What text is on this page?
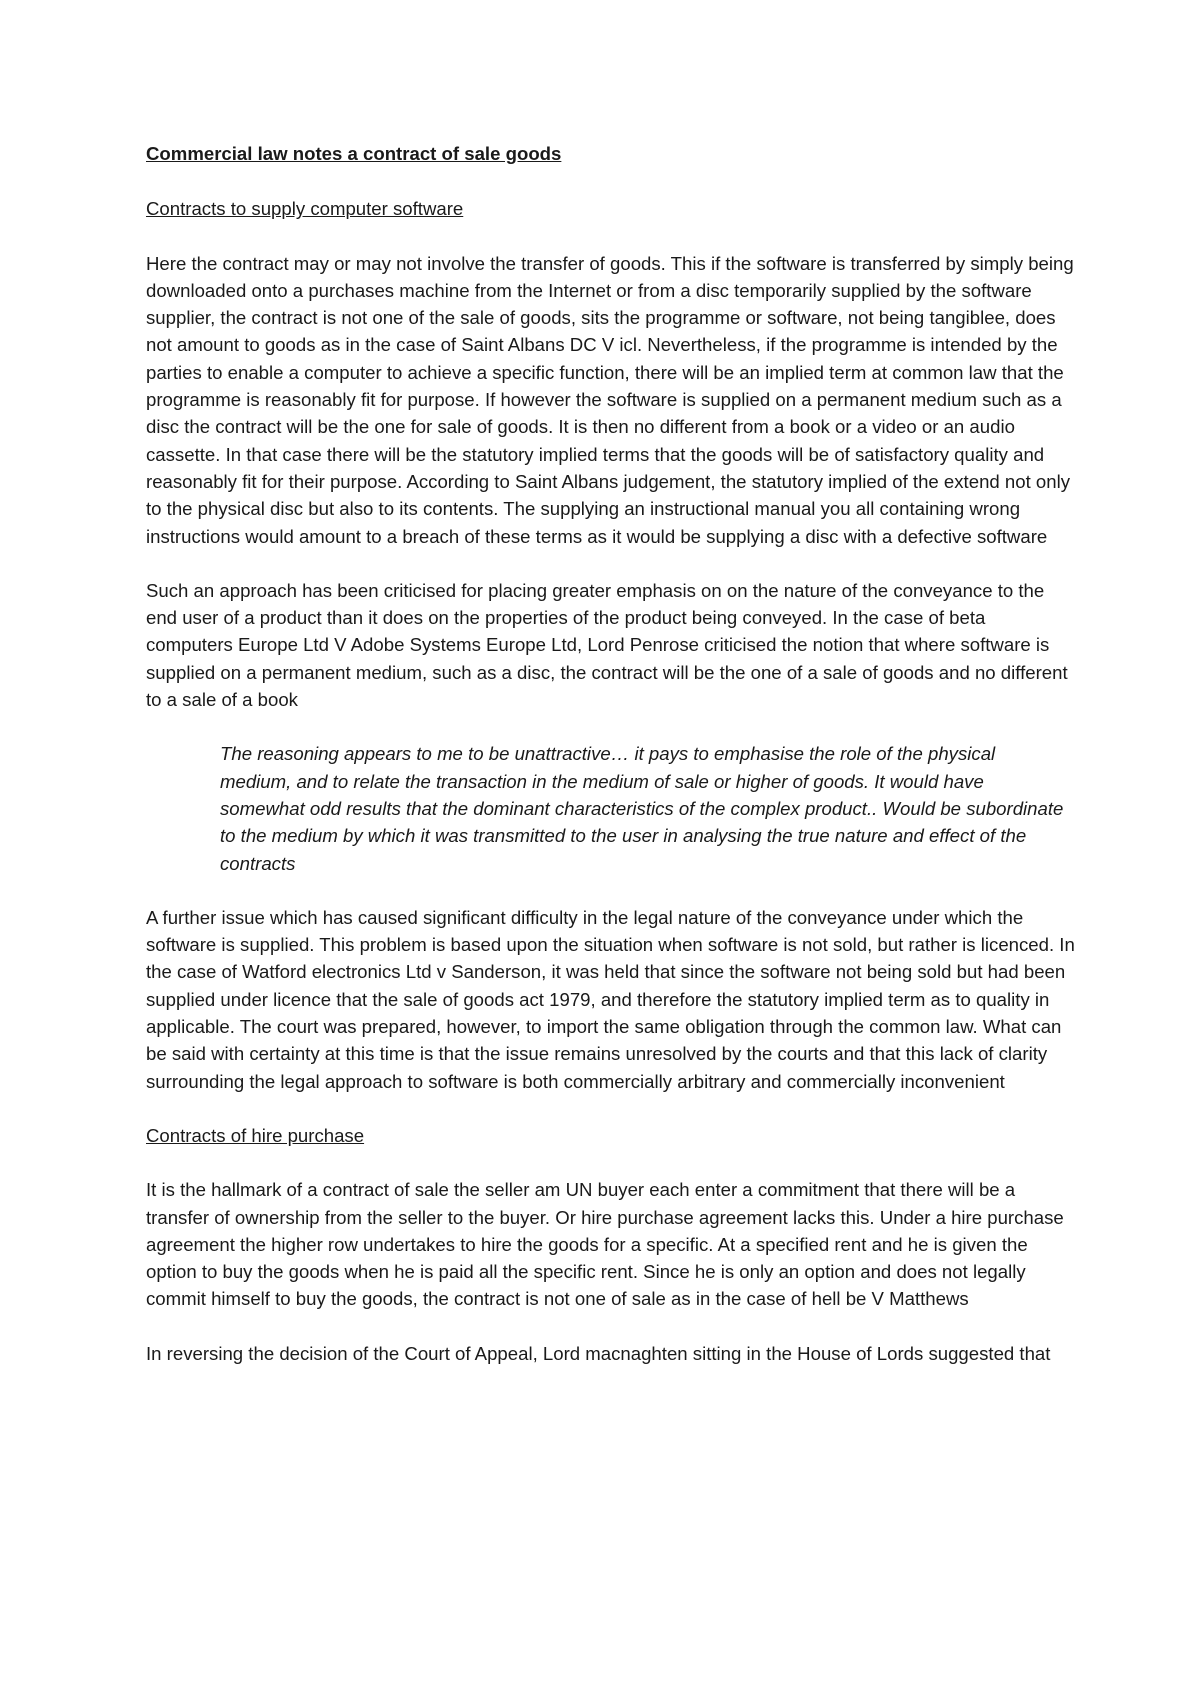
Commercial law notes a contract of sale goods

Contracts to supply computer software

Here the contract may or may not involve the transfer of goods. This if the software is transferred by simply being downloaded onto a purchases machine from the Internet or from a disc temporarily supplied by the software supplier, the contract is not one of the sale of goods, sits the programme or software, not being tangiblee, does not amount to goods as in the case of Saint Albans DC V icl. Nevertheless, if the programme is intended by the parties to enable a computer to achieve a specific function, there will be an implied term at common law that the programme is reasonably fit for purpose. If however the software is supplied on a permanent medium such as a disc the contract will be the one for sale of goods. It is then no different from a book or a video or an audio cassette. In that case there will be the statutory implied terms that the goods will be of satisfactory quality and reasonably fit for their purpose. According to Saint Albans judgement, the statutory implied of the extend not only to the physical disc but also to its contents. The supplying an instructional manual you all containing wrong instructions would amount to a breach of these terms as it would be supplying a disc with a defective software

Such an approach has been criticised for placing greater emphasis on on the nature of the conveyance to the end user of a product than it does on the properties of the product being conveyed. In the case of beta computers Europe Ltd V Adobe Systems Europe Ltd, Lord Penrose criticised the notion that where software is supplied on a permanent medium, such as a disc, the contract will be the one of a sale of goods and no different to a sale of a book

The reasoning appears to me to be unattractive… it pays to emphasise the role of the physical medium, and to relate the transaction in the medium of sale or higher of goods. It would have somewhat odd results that the dominant characteristics of the complex product.. Would be subordinate to the medium by which it was transmitted to the user in analysing the true nature and effect of the contracts

A further issue which has caused significant difficulty in the legal nature of the conveyance under which the software is supplied. This problem is based upon the situation when software is not sold, but rather is licenced. In the case of Watford electronics Ltd v Sanderson, it was held that since the software not being sold but had been supplied under licence that the sale of goods act 1979, and therefore the statutory implied term as to quality in applicable. The court was prepared, however, to import the same obligation through the common law. What can be said with certainty at this time is that the issue remains unresolved by the courts and that this lack of clarity surrounding the legal approach to software is both commercially arbitrary and commercially inconvenient

Contracts of hire purchase

It is the hallmark of a contract of sale the seller am UN buyer each enter a commitment that there will be a transfer of ownership from the seller to the buyer. Or hire purchase agreement lacks this. Under a hire purchase agreement the higher row undertakes to hire the goods for a specific. At a specified rent and he is given the option to buy the goods when he is paid all the specific rent. Since he is only an option and does not legally commit himself to buy the goods, the contract is not one of sale as in the case of hell be V Matthews

In reversing the decision of the Court of Appeal, Lord macnaghten sitting in the House of Lords suggested that
